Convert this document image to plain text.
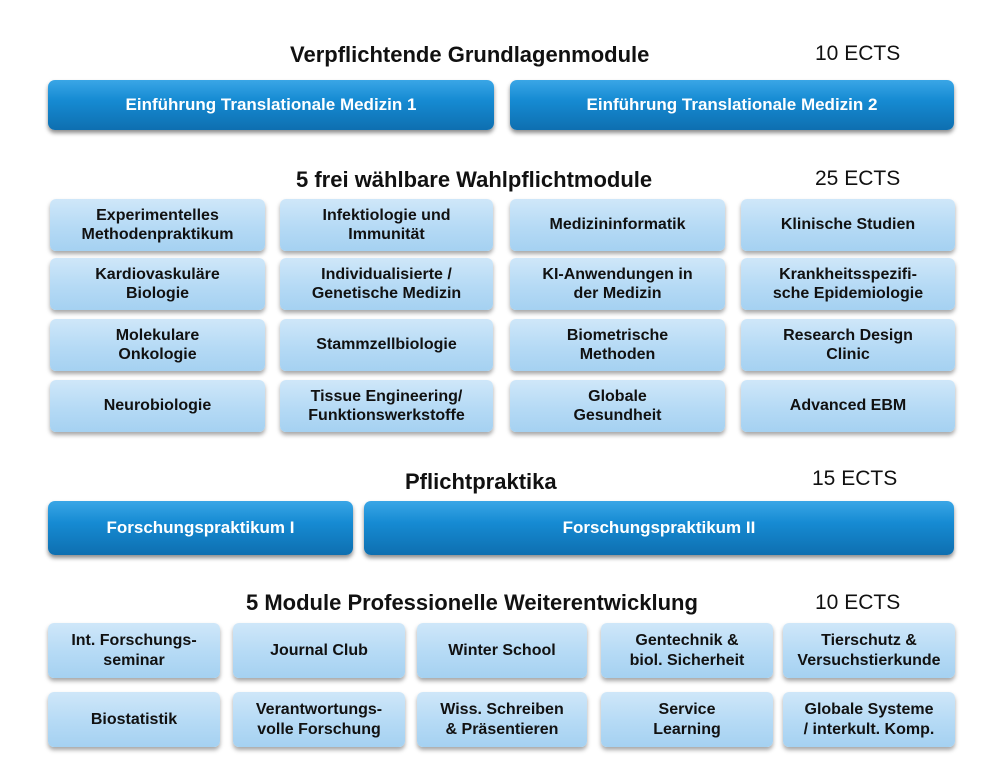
Verpflichtende Grundlagenmodule	10 ECTS
Einführung Translationale Medizin 1	Einführung Translationale Medizin 2
5 frei wählbare Wahlpflichtmodule	25 ECTS
Experimentelles
Methodenpraktikum
Infektiologie und
Immunität
Medizininformatik	Klinische Studien
Kardiovaskuläre
Biologie
Individualisierte /
Genetische Medizin
KI-Anwendungen in
der Medizin
Krankheitsspezifi-
sche Epidemiologie
Molekulare
Onkologie
Stammzellbiologie
Biometrische
Methoden
Research Design
Clinic
Neurobiologie
Tissue Engineering/
Funktionswerkstoffe
Globale
Gesundheit
Advanced EBM
Pflichtpraktika	15 ECTS
Forschungspraktikum I	Forschungspraktikum II
5 Module Professionelle Weiterentwicklung	10 ECTS
Int. Forschungs-
seminar
Journal Club	Winter School
Gentechnik &
biol. Sicherheit
Tierschutz &
Versuchstierkunde
Biostatistik
Verantwortungs-
volle Forschung
Wiss. Schreiben
& Präsentieren
Service
Learning
Globale Systeme
/ interkult. Komp.
